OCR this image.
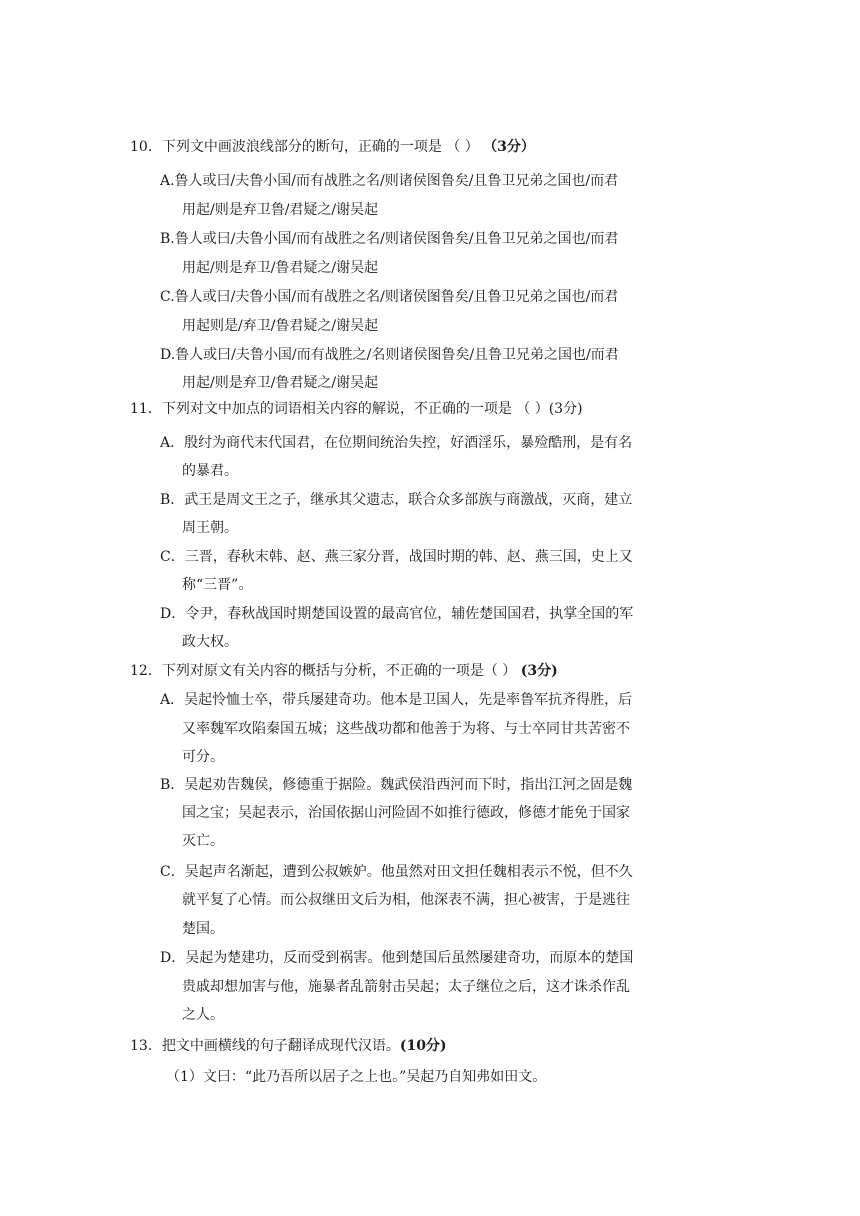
10．下列文中画波浪线部分的断句，正确的一项是 （ ） （3分）
A.鲁人或曰/夫鲁小国/而有战胜之名/则诸侯图鲁矣/且鲁卫兄弟之国也/而君
用起/则是弃卫鲁/君疑之/谢吴起
B.鲁人或曰/夫鲁小国/而有战胜之名/则诸侯图鲁矣/且鲁卫兄弟之国也/而君
用起/则是弃卫/鲁君疑之/谢吴起
C.鲁人或曰/夫鲁小国/而有战胜之名/则诸侯图鲁矣/且鲁卫兄弟之国也/而君
用起则是/弃卫/鲁君疑之/谢吴起
D.鲁人或曰/夫鲁小国/而有战胜之/名则诸侯图鲁矣/且鲁卫兄弟之国也/而君
用起/则是弃卫/鲁君疑之/谢吴起
11．下列对文中加点的词语相关内容的解说，不正确的一项是 （ ）(3分)
A．殷纣为商代末代国君，在位期间统治失控，好酒淫乐，暴殓酷刑，是有名
的暴君。
B．武王是周文王之子，继承其父遗志，联合众多部族与商激战，灭商，建立
周王朝。
C．三晋，春秋末韩、赵、燕三家分晋，战国时期的韩、赵、燕三国，史上又
称“三晋”。
D．令尹，春秋战国时期楚国设置的最高官位，辅佐楚国国君，执掌全国的军
政大权。
12．下列对原文有关内容的概括与分析，不正确的一项是（ ） (3分)
A．吴起怜恤士卒，带兵屡建奇功。他本是卫国人，先是率鲁军抗齐得胜，后
又率魏军攻陷秦国五城；这些战功都和他善于为将、与士卒同甘共苦密不
可分。
B．吴起劝告魏侯，修德重于据险。魏武侯沿西河而下时，指出江河之固是魏
国之宝；吴起表示，治国依据山河险固不如推行德政，修德才能免于国家
灭亡。
C．吴起声名渐起，遭到公叔嫉妒。他虽然对田文担任魏相表示不悦，但不久
就平复了心情。而公叔继田文后为相，他深表不满，担心被害，于是逃往
楚国。
D．吴起为楚建功，反而受到祸害。他到楚国后虽然屡建奇功，而原本的楚国
贵戚却想加害与他，施暴者乱箭射击吴起；太子继位之后，这才诛杀作乱
之人。
13．把文中画横线的句子翻译成现代汉语。(10分)
（1）文曰：“此乃吾所以居子之上也。”吴起乃自知弗如田文。
